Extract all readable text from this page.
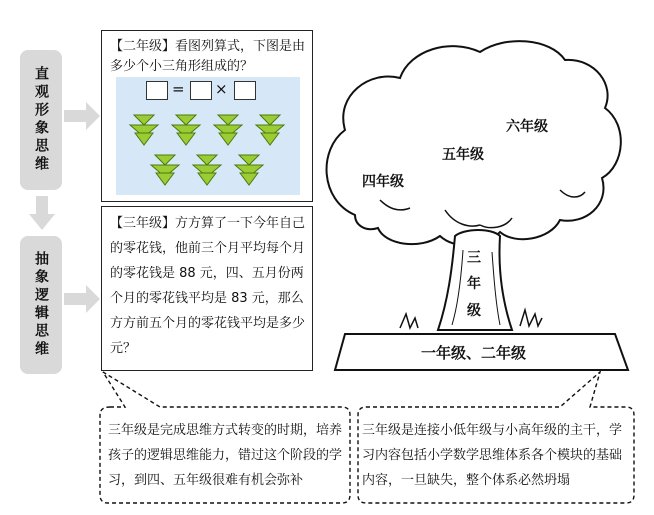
直观形象思维
抽象逻辑思维

【二年级】看图列算式，下图是由多少个小三角形组成的？

= ×

【三年级】方方算了一下今年自己的零花钱，他前三个月平均每个月的零花钱是 88 元，四、五月份两个月的零花钱平均是 83 元，那么方方前五个月的零花钱平均是多少元？

四年级
五年级
六年级
三
年
级
一年级、二年级
三年级是完成思维方式转变的时期，培养孩子的逻辑思维能力，错过这个阶段的学习，到四、五年级很难有机会弥补
三年级是连接小低年级与小高年级的主干，学习内容包括小学数学思维体系各个模块的基础内容，一旦缺失，整个体系必然坍塌
